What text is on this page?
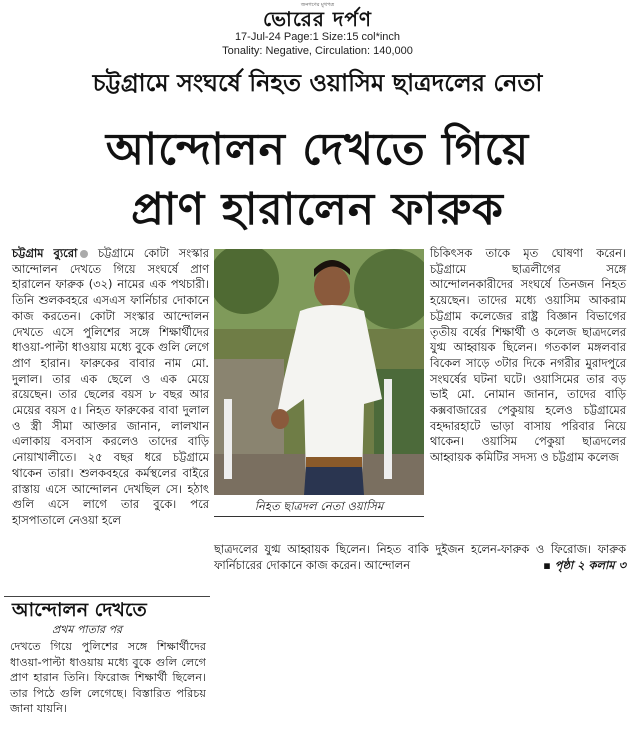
জনগণের মুখপত্র
ভোরের দর্পণ
17-Jul-24 Page:1 Size:15 col*inch
Tonality: Negative, Circulation: 140,000
চট্টগ্রামে সংঘর্ষে নিহত ওয়াসিম ছাত্রদলের নেতা
আন্দোলন দেখতে গিয়ে
প্রাণ হারালেন ফারুক

চট্টগ্রাম ব্যুরো চট্টগ্রামে কোটা সংস্কার আন্দোলন দেখতে গিয়ে সংঘর্ষে প্রাণ হারালেন ফারুক (৩২) নামের এক পথচারী। তিনি শুলকবহরে এসএস ফার্নিচার দোকানে কাজ করতেন। কোটা সংস্কার আন্দোলন দেখতে এসে পুলিশের সঙ্গে শিক্ষার্থীদের ধাওয়া-পাল্টা ধাওয়ায় মধ্যে বুকে গুলি লেগে প্রাণ হারান। ফারুকের বাবার নাম মো. দুলাল। তার এক ছেলে ও এক মেয়ে রয়েছেন। তার ছেলের বয়স ৮ বছর আর মেয়ের বয়স ৫। নিহত ফারুকের বাবা দুলাল ও স্ত্রী সীমা আক্তার জানান, লালখান এলাকায় বসবাস করলেও তাদের বাড়ি নোয়াখালীতে। ২৫ বছর ধরে চট্টগ্রামে থাকেন তারা। শুলকবহরে কর্মস্থলের বাইরে রাস্তায় এসে আন্দোলন দেখছিল সে। হঠাৎ গুলি এসে লাগে তার বুকে। পরে হাসপাতালে নেওয়া হলে

নিহত ছাত্রদল নেতা ওয়াসিম

চিকিৎসক তাকে মৃত ঘোষণা করেন। চট্টগ্রামে ছাত্রলীগের সঙ্গে আন্দোলনকারীদের সংঘর্ষে তিনজন নিহত হয়েছেন। তাদের মধ্যে ওয়াসিম আকরাম চট্টগ্রাম কলেজের রাষ্ট্র বিজ্ঞান বিভাগের তৃতীয় বর্ষের শিক্ষার্থী ও কলেজ ছাত্রদলের যুগ্ম আহ্বায়ক ছিলেন। গতকাল মঙ্গলবার বিকেল সাড়ে ৩টার দিকে নগরীর মুরাদপুরে সংঘর্ষের ঘটনা ঘটে। ওয়াসিমের তার বড় ভাই মো. নোমান জানান, তাদের বাড়ি কক্সবাজারের পেকুয়ায় হলেও চট্টগ্রামের বহদ্দারহাটে ভাড়া বাসায় পরিবার নিয়ে থাকেন। ওয়াসিম পেকুয়া ছাত্রদলের আহ্বায়ক কমিটির সদস্য ও চট্টগ্রাম কলেজ

ছাত্রদলের যুগ্ম আহ্বায়ক ছিলেন। নিহত বাকি দুইজন হলেন-ফারুক ও ফিরোজ। ফারুক ফার্নিচারের দোকানে কাজ করেন। আন্দোলন	▪ পৃষ্ঠা ২ কলাম ৩

আন্দোলন দেখতে
প্রথম পাতার পর
দেখতে গিয়ে পুলিশের সঙ্গে শিক্ষার্থীদের ধাওয়া-পাল্টা ধাওয়ায় মধ্যে বুকে গুলি লেগে প্রাণ হারান তিনি। ফিরোজ শিক্ষার্থী ছিলেন। তার পিঠে গুলি লেগেছে। বিস্তারিত পরিচয় জানা যায়নি।
